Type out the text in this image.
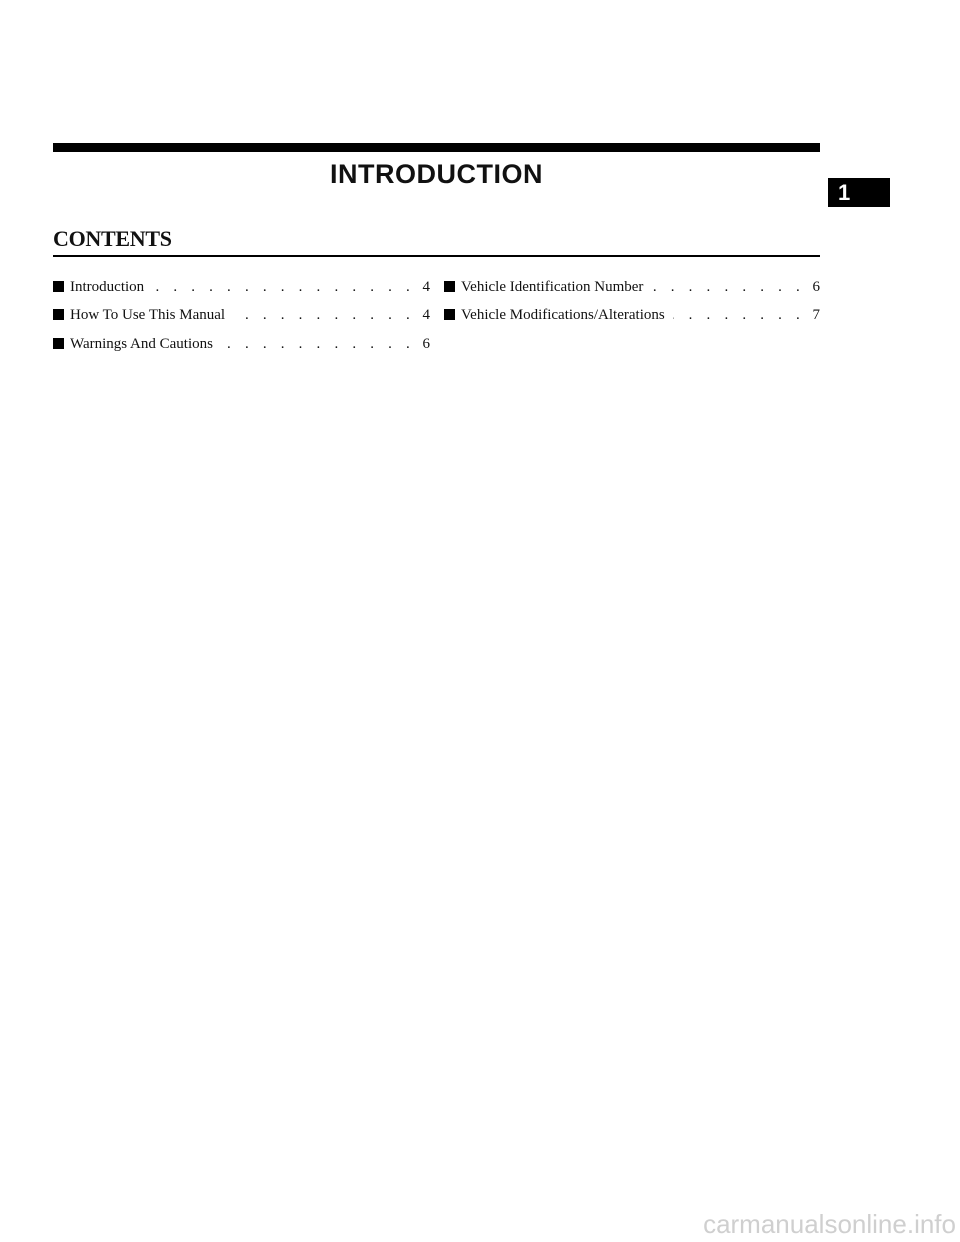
INTRODUCTION
1
CONTENTS
Introduction . . .	4
How To Use This Manual . . .	4
Warnings And Cautions . . .	6
Vehicle Identification Number . . .	6
Vehicle Modifications/Alterations . . .	7
carmanualsonline.info
